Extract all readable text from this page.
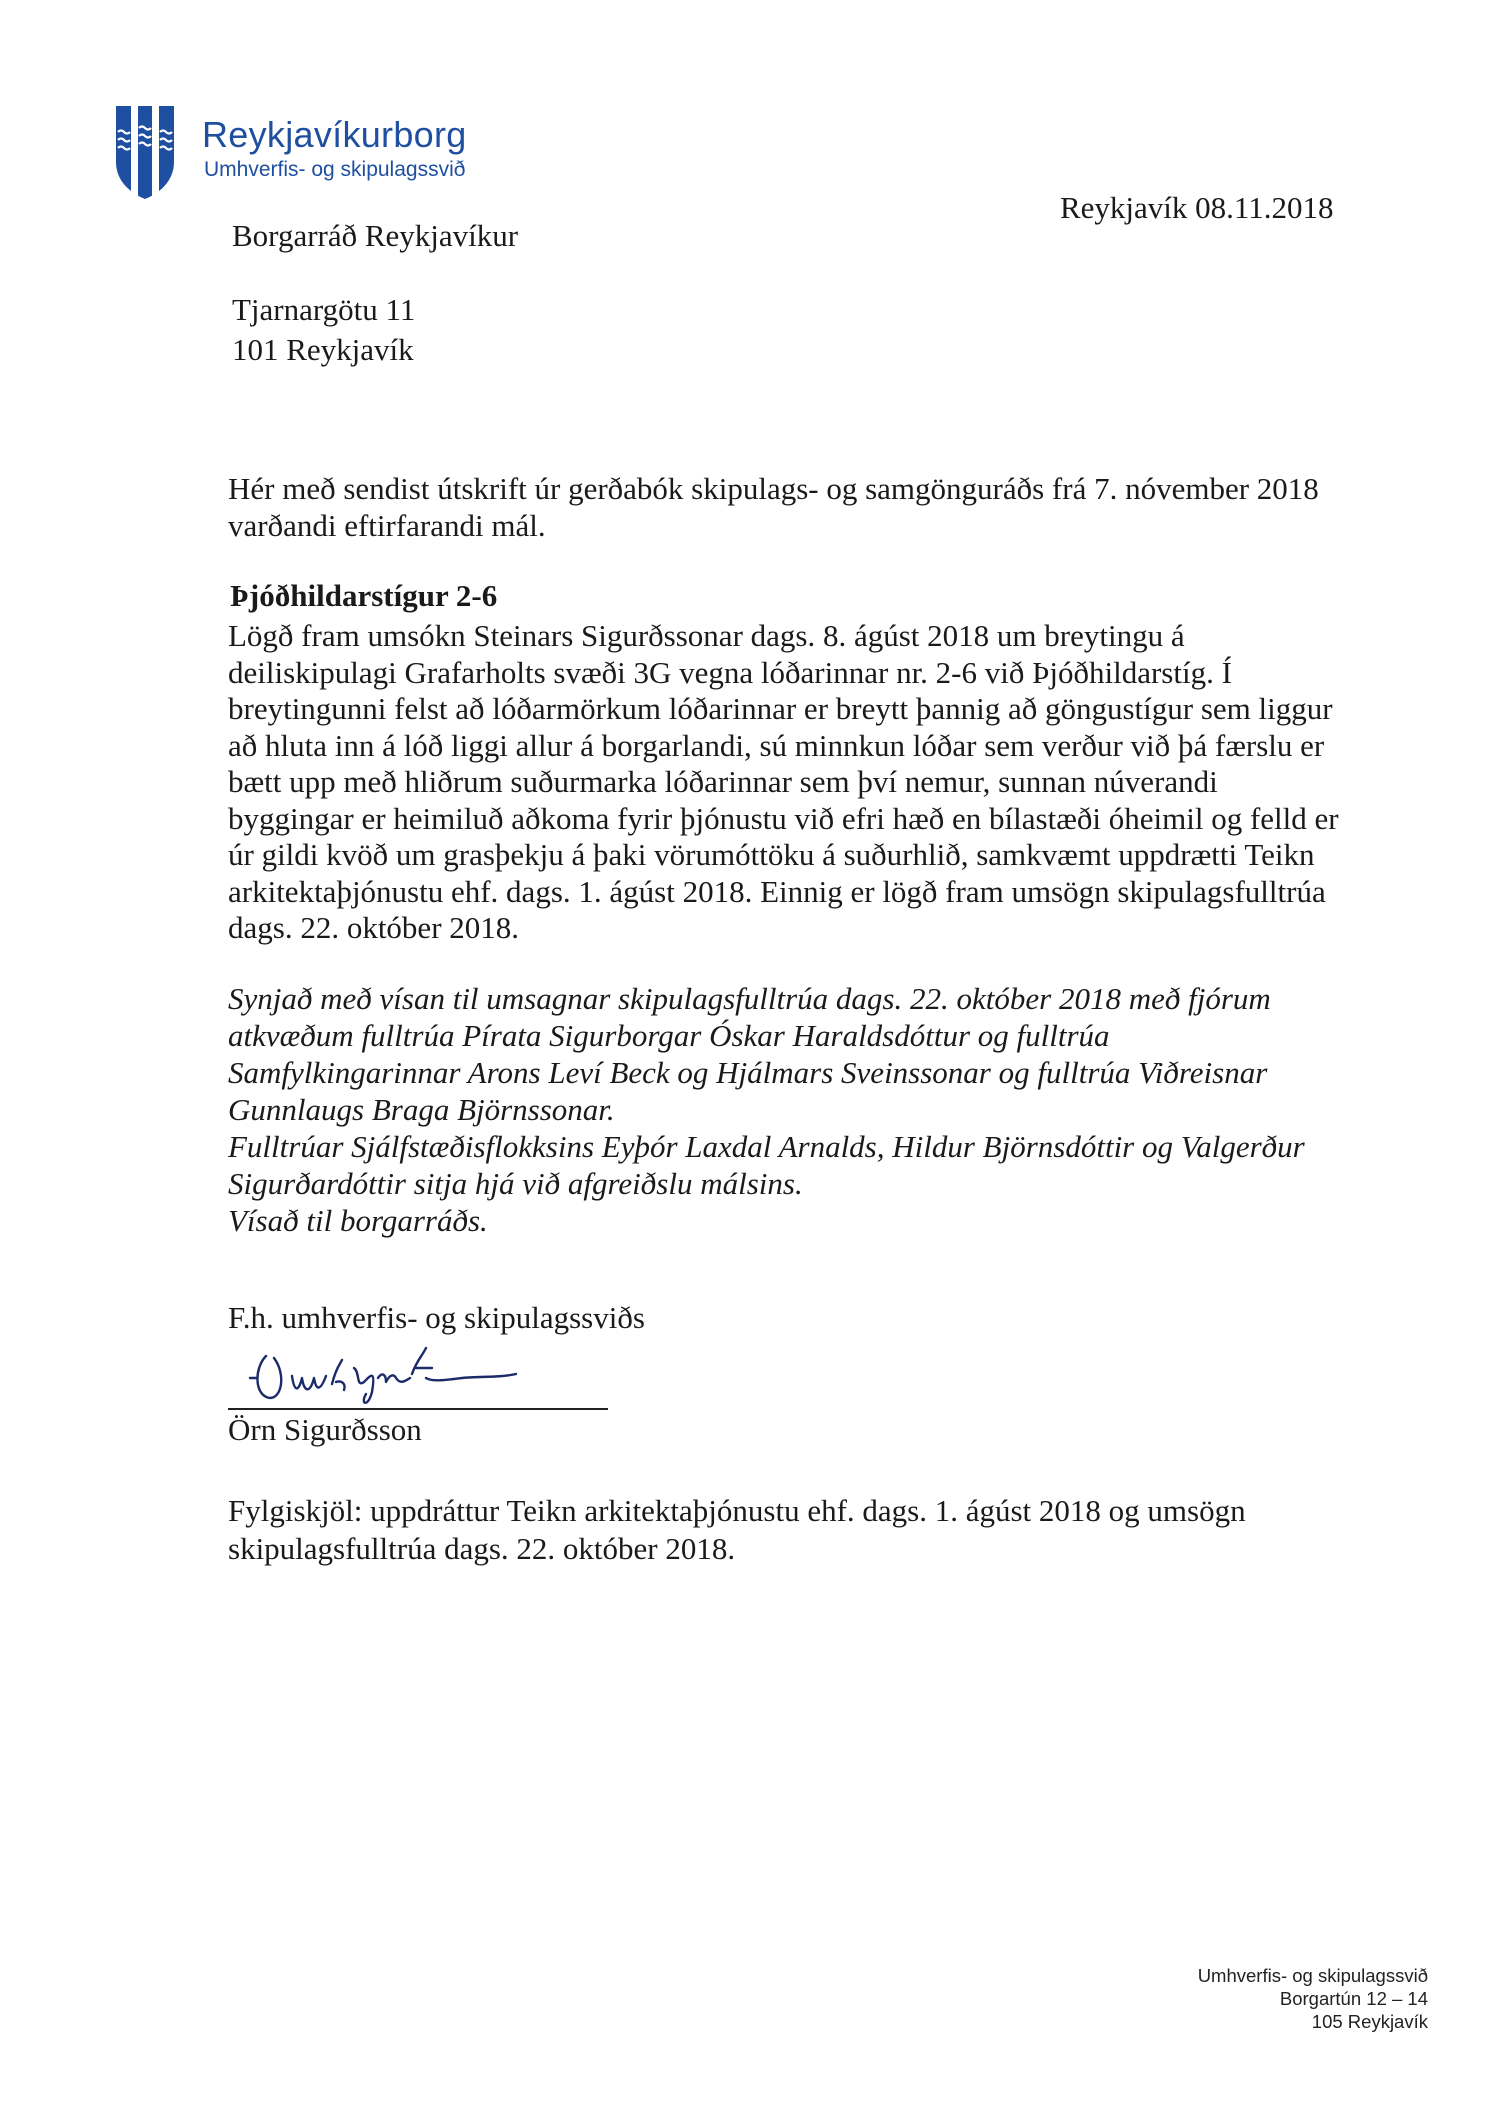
Reykjavíkurborg
Umhverfis- og skipulagssvið
Reykjavík 08.11.2018
Borgarráð Reykjavíkur
Tjarnargötu 11
101 Reykjavík
Hér með sendist útskrift úr gerðabók skipulags- og samgönguráðs frá 7. nóvember 2018 varðandi eftirfarandi mál.
Þjóðhildarstígur 2-6
Lögð fram umsókn Steinars Sigurðssonar dags. 8. ágúst 2018 um breytingu á deiliskipulagi Grafarholts svæði 3G vegna lóðarinnar nr. 2-6 við Þjóðhildarstíg. Í breytingunni felst að lóðarmörkum lóðarinnar er breytt þannig að göngustígur sem liggur að hluta inn á lóð liggi allur á borgarlandi, sú minnkun lóðar sem verður við þá færslu er bætt upp með hliðrum suðurmarka lóðarinnar sem því nemur, sunnan núverandi byggingar er heimiluð aðkoma fyrir þjónustu við efri hæð en bílastæði óheimil og felld er úr gildi kvöð um grasþekju á þaki vörumóttöku á suðurhlið, samkvæmt uppdrætti Teikn arkitektaþjónustu ehf. dags. 1. ágúst 2018. Einnig er lögð fram umsögn skipulagsfulltrúa dags. 22. október 2018.

Synjað með vísan til umsagnar skipulagsfulltrúa dags. 22. október 2018 með fjórum atkvæðum fulltrúa Pírata Sigurborgar Óskar Haraldsdóttur og fulltrúa Samfylkingarinnar Arons Leví Beck og Hjálmars Sveinssonar og fulltrúa Viðreisnar Gunnlaugs Braga Björnssonar.

Fulltrúar Sjálfstæðisflokksins Eyþór Laxdal Arnalds, Hildur Björnsdóttir og Valgerður Sigurðardóttir sitja hjá við afgreiðslu málsins.

Vísað til borgarráðs.

F.h. umhverfis- og skipulagssviðs
Örn Sigurðsson
Fylgiskjöl: uppdráttur Teikn arkitektaþjónustu ehf. dags. 1. ágúst 2018 og umsögn skipulagsfulltrúa dags. 22. október 2018.
Umhverfis- og skipulagssvið
Borgartún 12 – 14
105 Reykjavík
